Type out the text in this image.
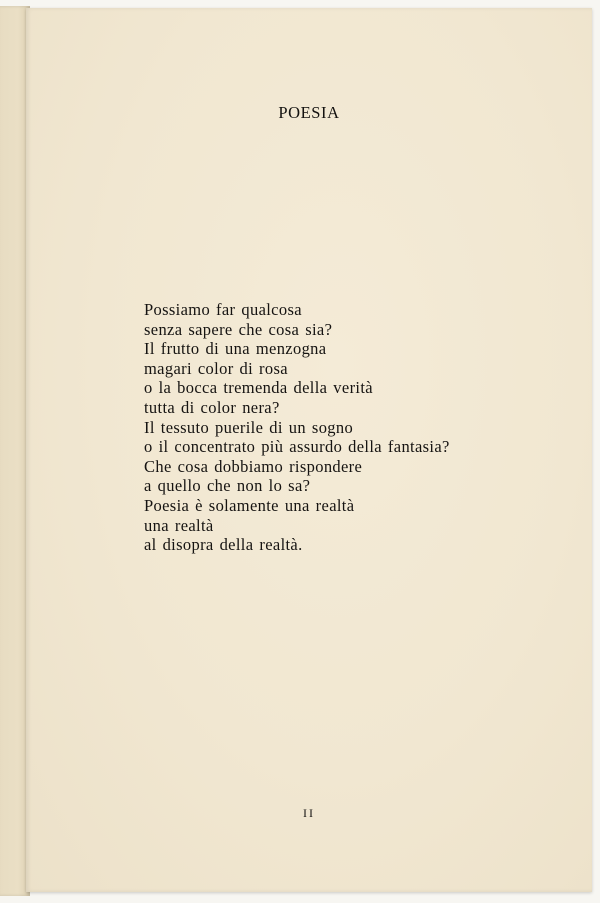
POESIA
Possiamo far qualcosa
senza sapere che cosa sia?
Il frutto di una menzogna
magari color di rosa
o la bocca tremenda della verità
tutta di color nera?
Il tessuto puerile di un sogno
o il concentrato più assurdo della fantasia?
Che cosa dobbiamo rispondere
a quello che non lo sa?
Poesia è solamente una realtà
una realtà
al disopra della realtà.
II
